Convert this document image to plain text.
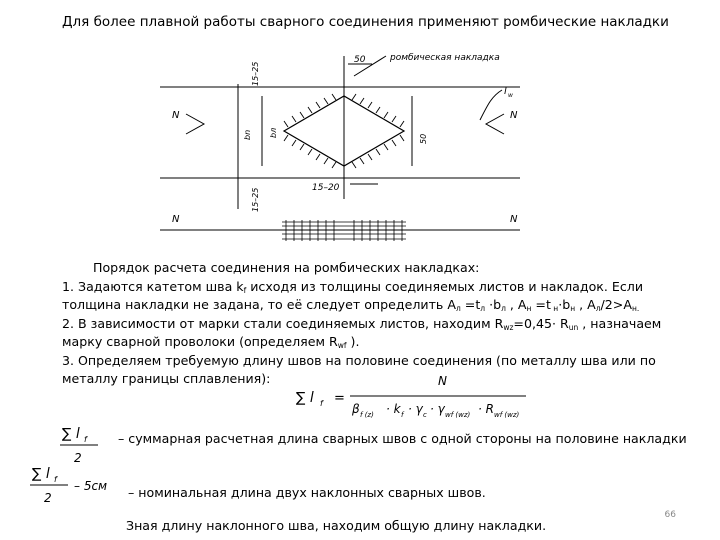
Для более плавной работы сварного соединения применяют ромбические накладки
N	N
N	N
ромбическая накладка
l w
50
15–20
15–25
15–25
bn bл
50
Порядок расчета соединения на ромбических накладках:
1. Задаются катетом шва $k_f$ исходя из толщины соединяемых листов и накладок. Если
толщина накладки не задана, то её следует определить $A_л =t_л \cdot b_л$ , $A_н =t$ $_н\cdot b_н$ , $A_л/2>A_{н.}$
2. В зависимости от марки стали соединяемых листов, находим $R_{wz}=0,45\cdot R_{un}$ , назначаем
марку сварной проволоки (определяем $R_{wf}$ ).
3. Определяем требуемую длину швов на половине соединения (по металлу шва или по
металлу границы сплавления):
∑ l f =
N
β f (z) · k f · γ c · γ wf (wz) · R wf (wz)
∑ l f
2
– суммарная расчетная длина сварных швов с одной стороны на половине накладки
∑ l f
2
– 5см – номинальная длина двух наклонных сварных швов.
Зная длину наклонного шва, находим общую длину накладки.
66
